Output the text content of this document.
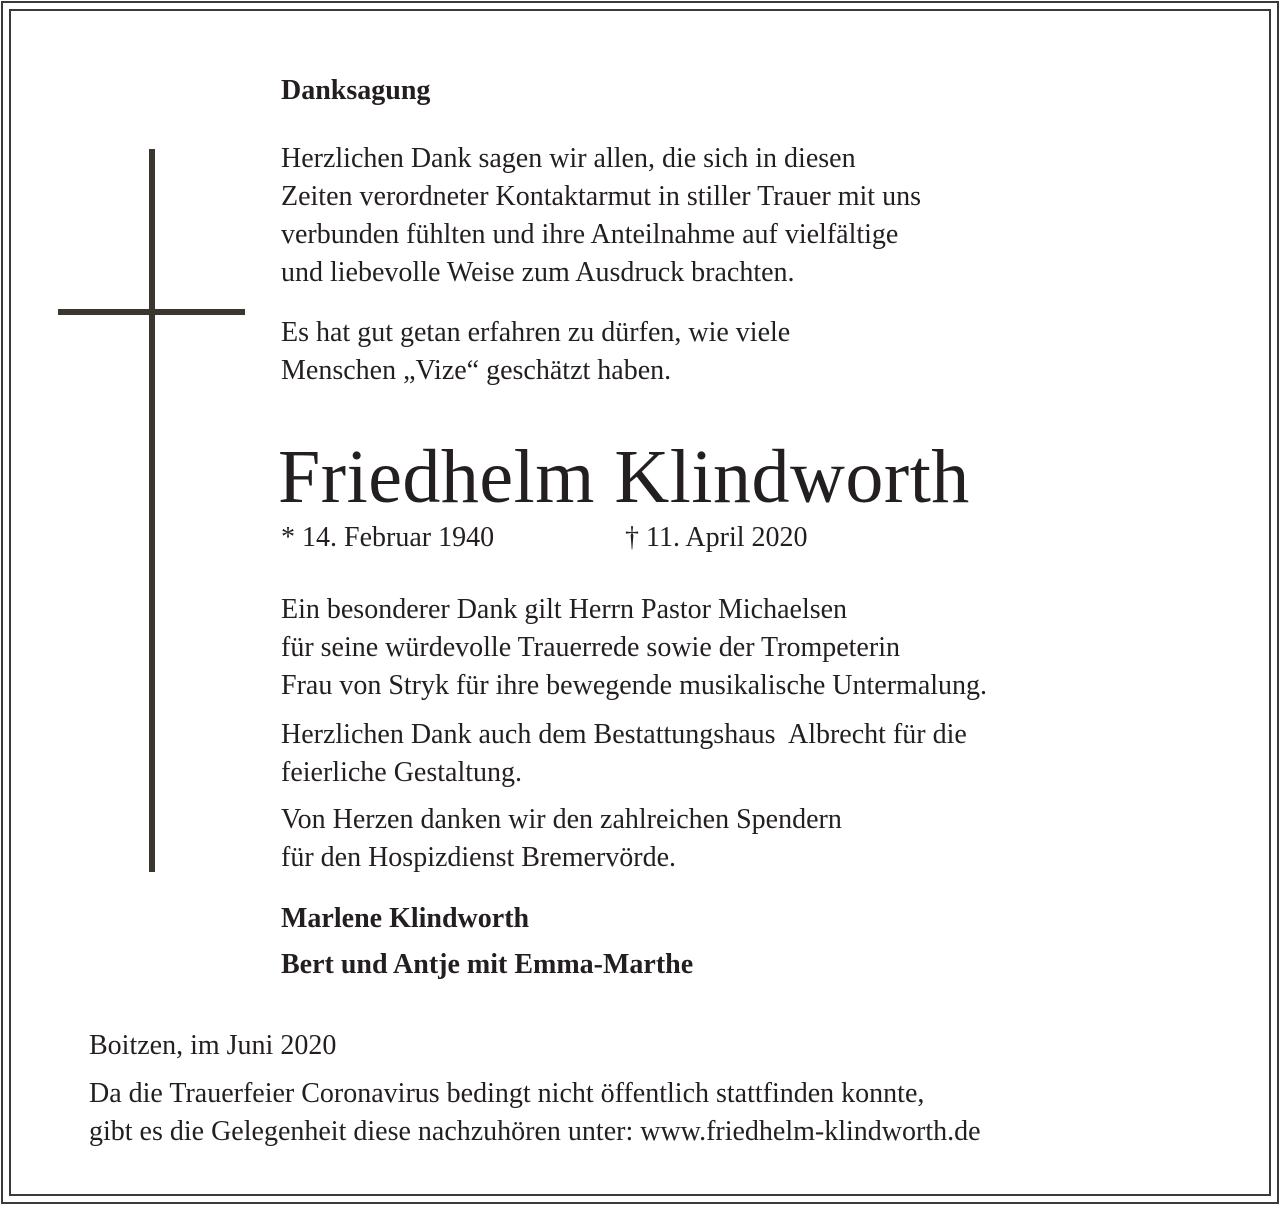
Danksagung

Herzlichen Dank sagen wir allen, die sich in diesen
Zeiten verordneter Kontaktarmut in stiller Trauer mit uns
verbunden fühlten und ihre Anteilnahme auf vielfältige
und liebevolle Weise zum Ausdruck brachten.

Es hat gut getan erfahren zu dürfen, wie viele
Menschen „Vize“ geschätzt haben.

Friedhelm Klindworth

* 14. Februar 1940	† 11. April 2020

Ein besonderer Dank gilt Herrn Pastor Michaelsen
für seine würdevolle Trauerrede sowie der Trompeterin
Frau von Stryk für ihre bewegende musikalische Untermalung.

Herzlichen Dank auch dem Bestattungshaus  Albrecht für die
feierliche Gestaltung.

Von Herzen danken wir den zahlreichen Spendern
für den Hospizdienst Bremervörde.

Marlene Klindworth

Bert und Antje mit Emma-Marthe

Boitzen, im Juni 2020

Da die Trauerfeier Coronavirus bedingt nicht öffentlich stattfinden konnte,
gibt es die Gelegenheit diese nachzuhören unter: www.friedhelm-klindworth.de
